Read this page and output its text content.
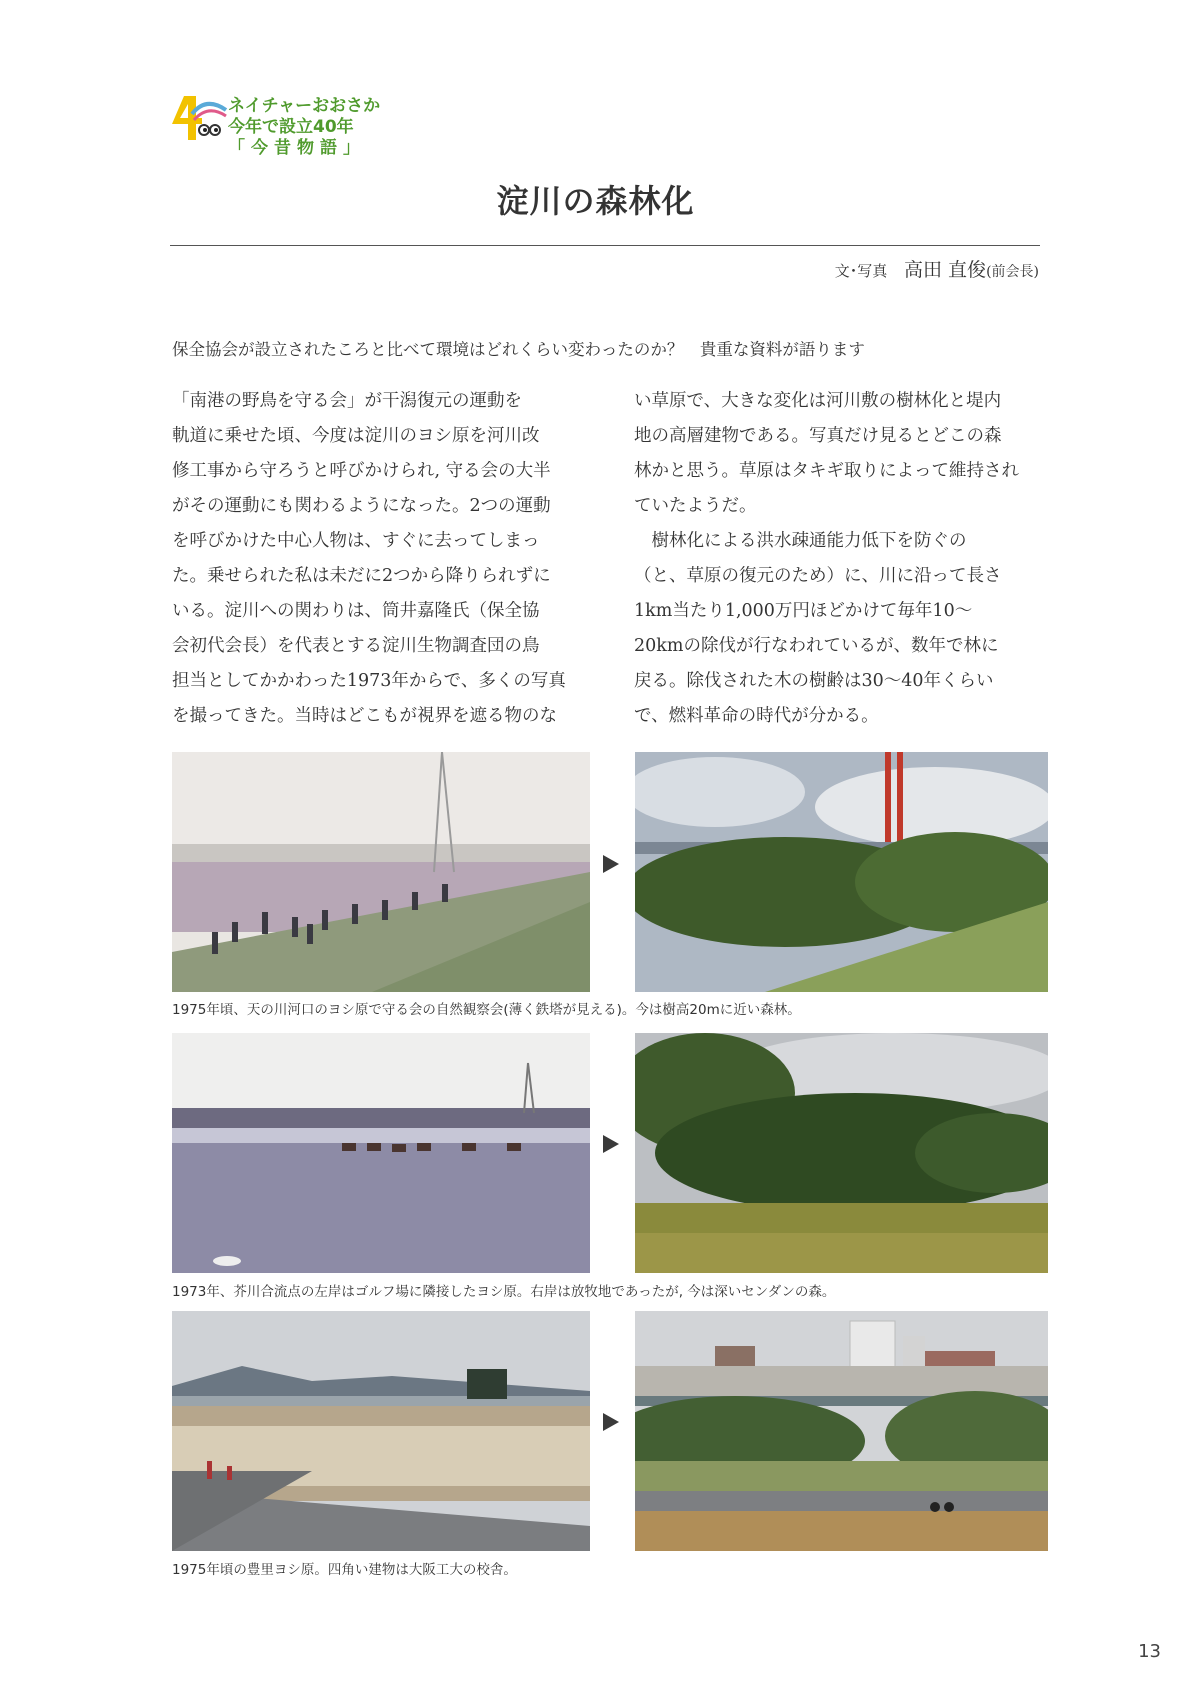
ネイチャーおおさか
今年で設立40年
「今昔物語」
淀川の森林化
文･写真 高田 直俊(前会長)
保全協会が設立されたころと比べて環境はどれくらい変わったのか？　貴重な資料が語ります
「南港の野鳥を守る会」が干潟復元の運動を
軌道に乗せた頃、今度は淀川のヨシ原を河川改
修工事から守ろうと呼びかけられ, 守る会の大半
がその運動にも関わるようになった。2つの運動
を呼びかけた中心人物は、すぐに去ってしまっ
た。乗せられた私は未だに2つから降りられずに
いる。淀川への関わりは、筒井嘉隆氏（保全協
会初代会長）を代表とする淀川生物調査団の鳥
担当としてかかわった1973年からで、多くの写真
を撮ってきた。当時はどこもが視界を遮る物のな
い草原で、大きな変化は河川敷の樹林化と堤内
地の高層建物である。写真だけ見るとどこの森
林かと思う。草原はタキギ取りによって維持され
ていたようだ。
　樹林化による洪水疎通能力低下を防ぐの
（と、草原の復元のため）に、川に沿って長さ
1km当たり1,000万円ほどかけて毎年10～
20kmの除伐が行なわれているが、数年で林に
戻る。除伐された木の樹齢は30～40年くらい
で、燃料革命の時代が分かる。
1975年頃、天の川河口のヨシ原で守る会の自然観察会(薄く鉄塔が見える)。今は樹高20mに近い森林。
1973年、芥川合流点の左岸はゴルフ場に隣接したヨシ原。右岸は放牧地であったが, 今は深いセンダンの森。
1975年頃の豊里ヨシ原。四角い建物は大阪工大の校舎。
13
